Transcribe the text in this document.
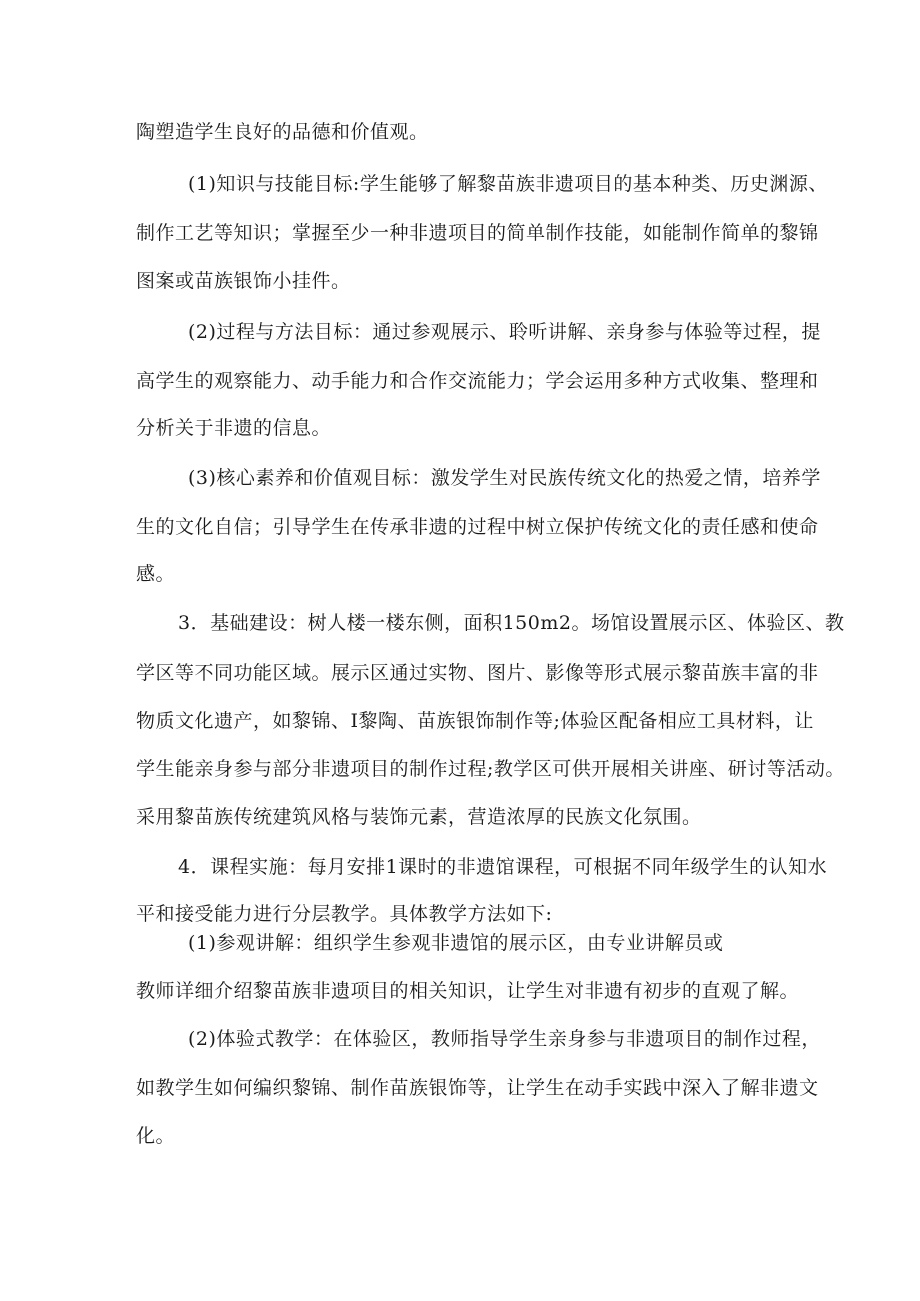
陶塑造学生良好的品德和价值观。
(1)知识与技能目标:学生能够了解黎苗族非遗项目的基本种类、历史渊源、
制作工艺等知识；掌握至少一种非遗项目的简单制作技能，如能制作简单的黎锦
图案或苗族银饰小挂件。
(2)过程与方法目标：通过参观展示、聆听讲解、亲身参与体验等过程，提
高学生的观察能力、动手能力和合作交流能力；学会运用多种方式收集、整理和
分析关于非遗的信息。
(3)核心素养和价值观目标：激发学生对民族传统文化的热爱之情，培养学
生的文化自信；引导学生在传承非遗的过程中树立保护传统文化的责任感和使命
感。
3．基础建设：树人楼一楼东侧，面积150m2。场馆设置展示区、体验区、教
学区等不同功能区域。展示区通过实物、图片、影像等形式展示黎苗族丰富的非
物质文化遗产，如黎锦、I黎陶、苗族银饰制作等;体验区配备相应工具材料，让
学生能亲身参与部分非遗项目的制作过程;教学区可供开展相关讲座、研讨等活动。
采用黎苗族传统建筑风格与装饰元素，营造浓厚的民族文化氛围。
4．课程实施：每月安排1课时的非遗馆课程，可根据不同年级学生的认知水
平和接受能力进行分层教学。具体教学方法如下:
(1)参观讲解：组织学生参观非遗馆的展示区，由专业讲解员或
教师详细介绍黎苗族非遗项目的相关知识，让学生对非遗有初步的直观了解。
(2)体验式教学：在体验区，教师指导学生亲身参与非遗项目的制作过程，
如教学生如何编织黎锦、制作苗族银饰等，让学生在动手实践中深入了解非遗文
化。
